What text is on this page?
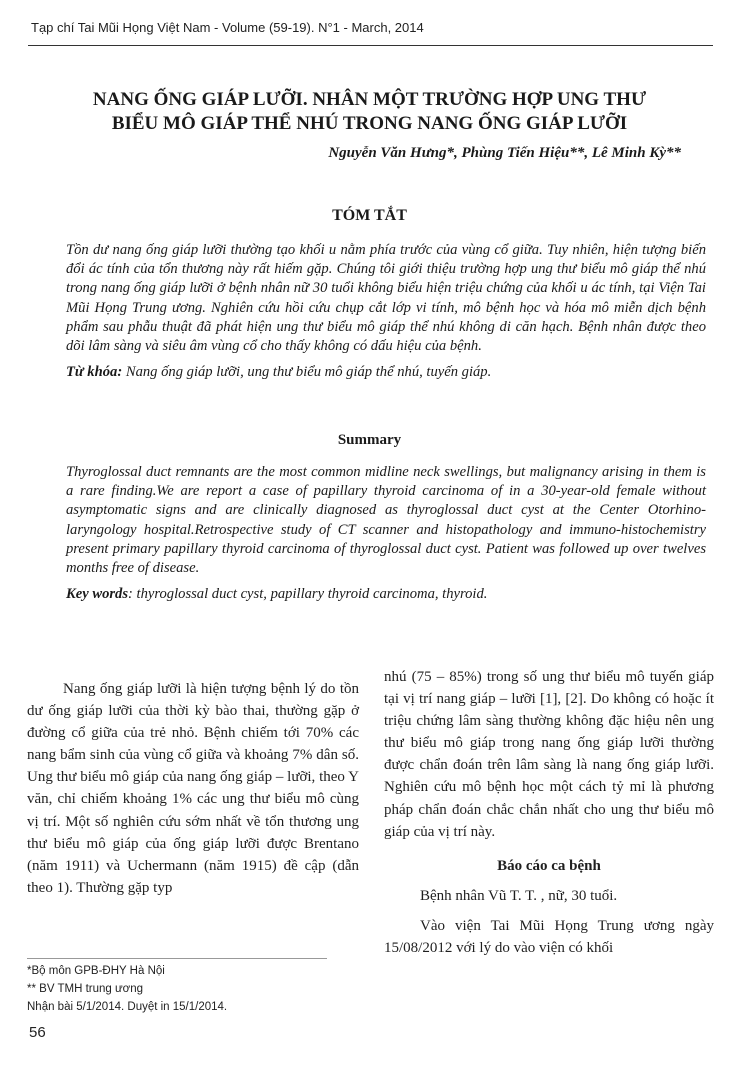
Tạp chí Tai Mũi Họng Việt Nam - Volume (59-19). N°1 - March, 2014
NANG ỐNG GIÁP LƯỠI. NHÂN MỘT TRƯỜNG HỢP UNG THƯ
BIỂU MÔ GIÁP THỂ NHÚ TRONG NANG ỐNG GIÁP LƯỠI
Nguyễn Văn Hưng*, Phùng Tiến Hiệu**, Lê Minh Kỳ**
TÓM TẮT

Tồn dư nang ống giáp lưỡi thường tạo khối u nằm phía trước của vùng cổ giữa. Tuy nhiên, hiện tượng biến đổi ác tính của tổn thương này rất hiếm gặp. Chúng tôi giới thiệu trường hợp ung thư biểu mô giáp thể nhú trong nang ống giáp lưỡi ở bệnh nhân nữ 30 tuổi không biểu hiện triệu chứng của khối u ác tính, tại Viện Tai Mũi Họng Trung ương. Nghiên cứu hồi cứu chụp cắt lớp vi tính, mô bệnh học và hóa mô miễn dịch bệnh phẩm sau phẫu thuật đã phát hiện ung thư biểu mô giáp thể nhú không di căn hạch. Bệnh nhân được theo dõi lâm sàng và siêu âm vùng cổ cho thấy không có dấu hiệu của bệnh.

Từ khóa: Nang ống giáp lưỡi, ung thư biểu mô giáp thể nhú, tuyến giáp.

Summary

Thyroglossal duct remnants are the most common midline neck swellings, but malignancy arising in them is a rare finding.We are report a case of papillary thyroid carcinoma of in a 30-year-old female without asymptomatic signs and are clinically diagnosed as thyroglossal duct cyst at the Center Otorhino-laryngology hospital.Retrospective study of CT scanner and histopathology and immuno-histochemistry present primary papillary thyroid carcinoma of thyroglossal duct cyst. Patient was followed up over twelves months free of disease.

Key words: thyroglossal duct cyst, papillary thyroid carcinoma, thyroid.

Nang ống giáp lưỡi là hiện tượng bệnh lý do tồn dư ống giáp lưỡi của thời kỳ bào thai, thường gặp ở đường cổ giữa của trẻ nhỏ. Bệnh chiếm tới 70% các nang bẩm sinh của vùng cổ giữa và khoảng 7% dân số. Ung thư biểu mô giáp của nang ống giáp – lưỡi, theo Y văn, chỉ chiếm khoảng 1% các ung thư biểu mô cùng vị trí. Một số nghiên cứu sớm nhất về tổn thương ung thư biểu mô giáp của ống giáp lưỡi được Brentano (năm 1911) và Uchermann (năm 1915) đề cập (dẫn theo 1). Thường gặp typ

nhú (75 – 85%) trong số ung thư biểu mô tuyến giáp tại vị trí nang giáp – lưỡi [1], [2]. Do không có hoặc ít triệu chứng lâm sàng thường không đặc hiệu nên ung thư biểu mô giáp trong nang ống giáp lưỡi thường được chẩn đoán trên lâm sàng là nang ống giáp lưỡi. Nghiên cứu mô bệnh học một cách tỷ mỉ là phương pháp chẩn đoán chắc chắn nhất cho ung thư biểu mô giáp của vị trí này.

Báo cáo ca bệnh

Bệnh nhân Vũ T. T. , nữ, 30 tuổi.

Vào viện Tai Mũi Họng Trung ương ngày 15/08/2012 với lý do vào viện có khối

*Bộ môn GPB-ĐHY Hà Nội
** BV TMH trung ương
Nhận bài 5/1/2014. Duyệt in 15/1/2014.
56
